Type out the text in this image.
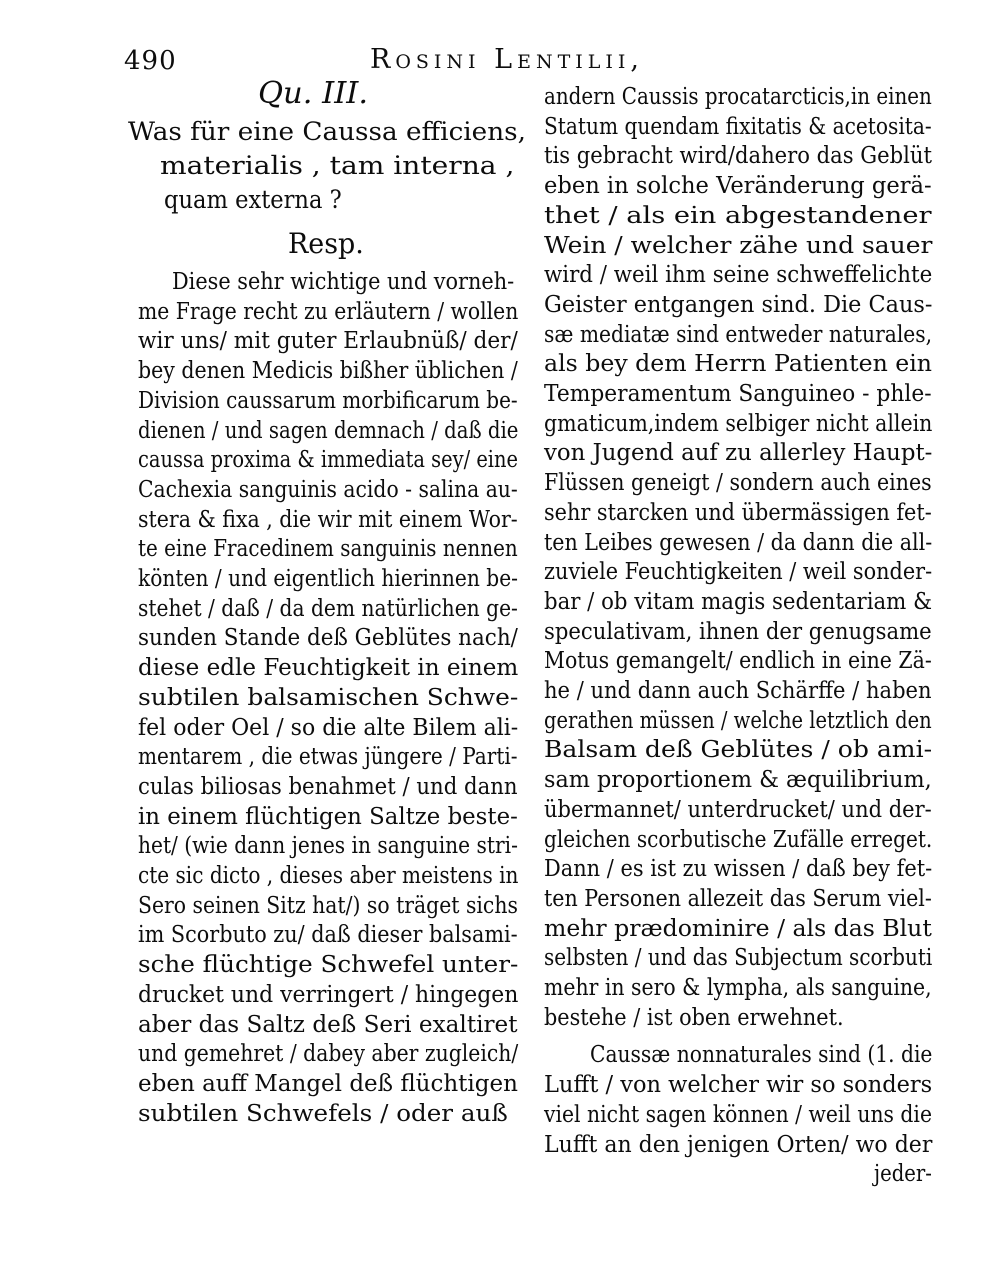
490	Rosini Lentilii,
Qu. III.
Was für eine Caussa efficiens,
materialis , tam interna ,
quam externa ?
Resp.
Diese sehr wichtige und vorneh-
me Frage recht zu erläutern / wollen
wir uns/ mit guter Erlaubnüß/ der/
bey denen Medicis bißher üblichen /
Division caussarum morbificarum be-
dienen / und sagen demnach / daß die
caussa proxima & immediata sey/ eine
Cachexia sanguinis acido - salina au-
stera & fixa , die wir mit einem Wor-
te eine Fracedinem sanguinis nennen
könten / und eigentlich hierinnen be-
stehet / daß / da dem natürlichen ge-
sunden Stande deß Geblütes nach/
diese edle Feuchtigkeit in einem
subtilen balsamischen Schwe-
fel oder Oel / so die alte Bilem ali-
mentarem , die etwas jüngere / Parti-
culas biliosas benahmet / und dann
in einem flüchtigen Saltze beste-
het/ (wie dann jenes in sanguine stri-
cte sic dicto , dieses aber meistens in
Sero seinen Sitz hat/) so träget sichs
im Scorbuto zu/ daß dieser balsami-
sche flüchtige Schwefel unter-
drucket und verringert / hingegen
aber das Saltz deß Seri exaltiret
und gemehret / dabey aber zugleich/
eben auff Mangel deß flüchtigen
subtilen Schwefels / oder auß
andern Caussis procatarcticis,in einen
Statum quendam fixitatis & acetosita-
tis gebracht wird/dahero das Geblüt
eben in solche Veränderung gerä-
thet / als ein abgestandener
Wein / welcher zähe und sauer
wird / weil ihm seine schweffelichte
Geister entgangen sind. Die Caus-
sæ mediatæ sind entweder naturales,
als bey dem Herrn Patienten ein
Temperamentum Sanguineo - phle-
gmaticum,indem selbiger nicht allein
von Jugend auf zu allerley Haupt-
Flüssen geneigt / sondern auch eines
sehr starcken und übermässigen fet-
ten Leibes gewesen / da dann die all-
zuviele Feuchtigkeiten / weil sonder-
bar / ob vitam magis sedentariam &
speculativam, ihnen der genugsame
Motus gemangelt/ endlich in eine Zä-
he / und dann auch Schärffe / haben
gerathen müssen / welche letztlich den
Balsam deß Geblütes / ob ami-
sam proportionem & æquilibrium,
übermannet/ unterdrucket/ und der-
gleichen scorbutische Zufälle erreget.
Dann / es ist zu wissen / daß bey fet-
ten Personen allezeit das Serum viel-
mehr prædominire / als das Blut
selbsten / und das Subjectum scorbuti
mehr in sero & lympha, als sanguine,
bestehe / ist oben erwehnet.
Caussæ nonnaturales sind (1. die
Lufft / von welcher wir so sonders
viel nicht sagen können / weil uns die
Lufft an den jenigen Orten/ wo der
jeder-
